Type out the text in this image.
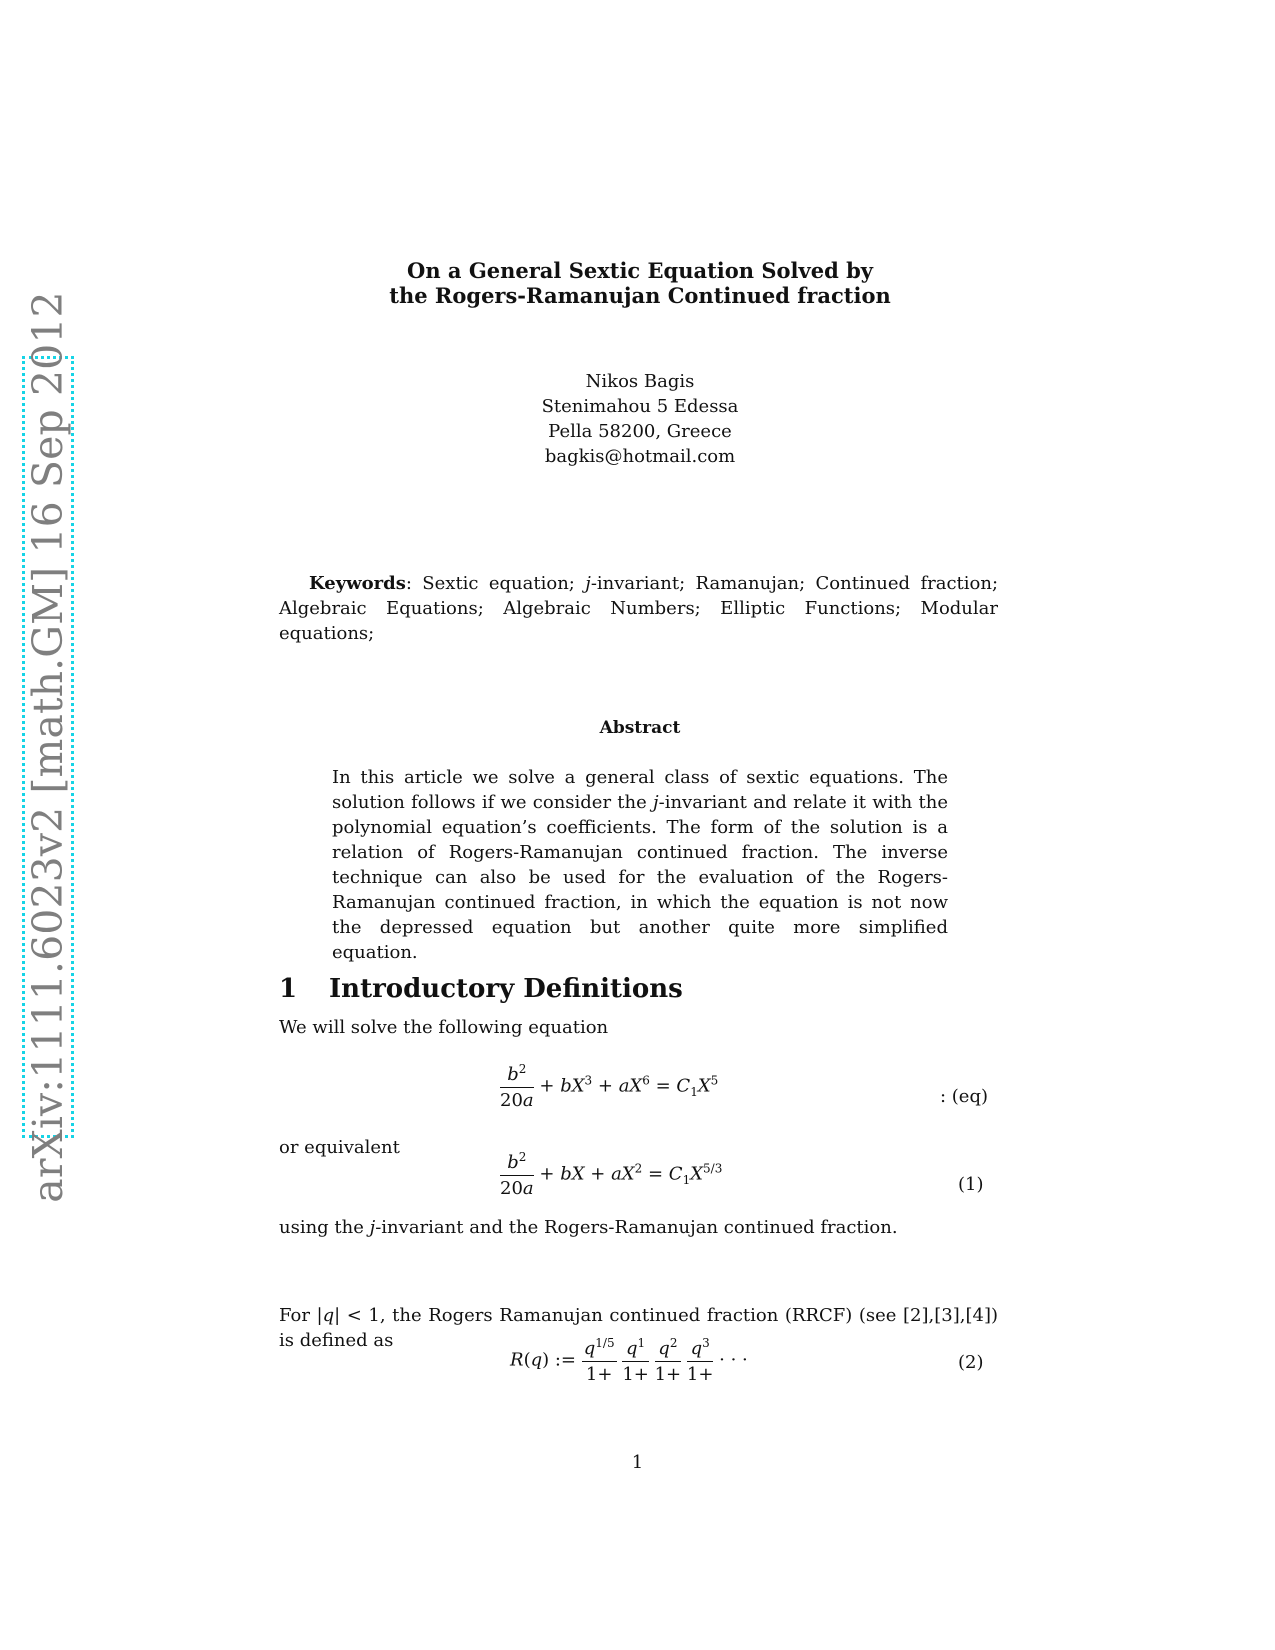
arXiv:1111.6023v2 [math.GM] 16 Sep 2012
On a General Sextic Equation Solved by
the Rogers-Ramanujan Continued fraction
Nikos Bagis
Stenimahou 5 Edessa
Pella 58200, Greece
bagkis@hotmail.com
Keywords: Sextic equation; j-invariant; Ramanujan; Continued fraction; Algebraic Equations; Algebraic Numbers; Elliptic Functions; Modular equations;
Abstract
In this article we solve a general class of sextic equations. The solution follows if we consider the j-invariant and relate it with the polynomial equation’s coefficients. The form of the solution is a relation of Rogers-Ramanujan continued fraction. The inverse technique can also be used for the evaluation of the Rogers-Ramanujan continued fraction, in which the equation is not now the depressed equation but another quite more simplified equation.
1 Introductory Definitions
We will solve the following equation
$\frac{b^2}{20a} + bX^3 + aX^6 = C_1X^5$
: (eq)
or equivalent
$\frac{b^2}{20a}$ + bX + $aX^2 = C_1X^{5/3}$
(1)
using the j-invariant and the Rogers-Ramanujan continued fraction.
For |q| < 1, the Rogers Ramanujan continued fraction (RRCF) (see [2],[3],[4]) is defined as
R(q) := $\frac{q^{1/5}}{1+}$
$\frac{q^1}{1+}$
$\frac{q^2}{1+}$
$\frac{q^3}{1+}$ · · ·	(2)
1
